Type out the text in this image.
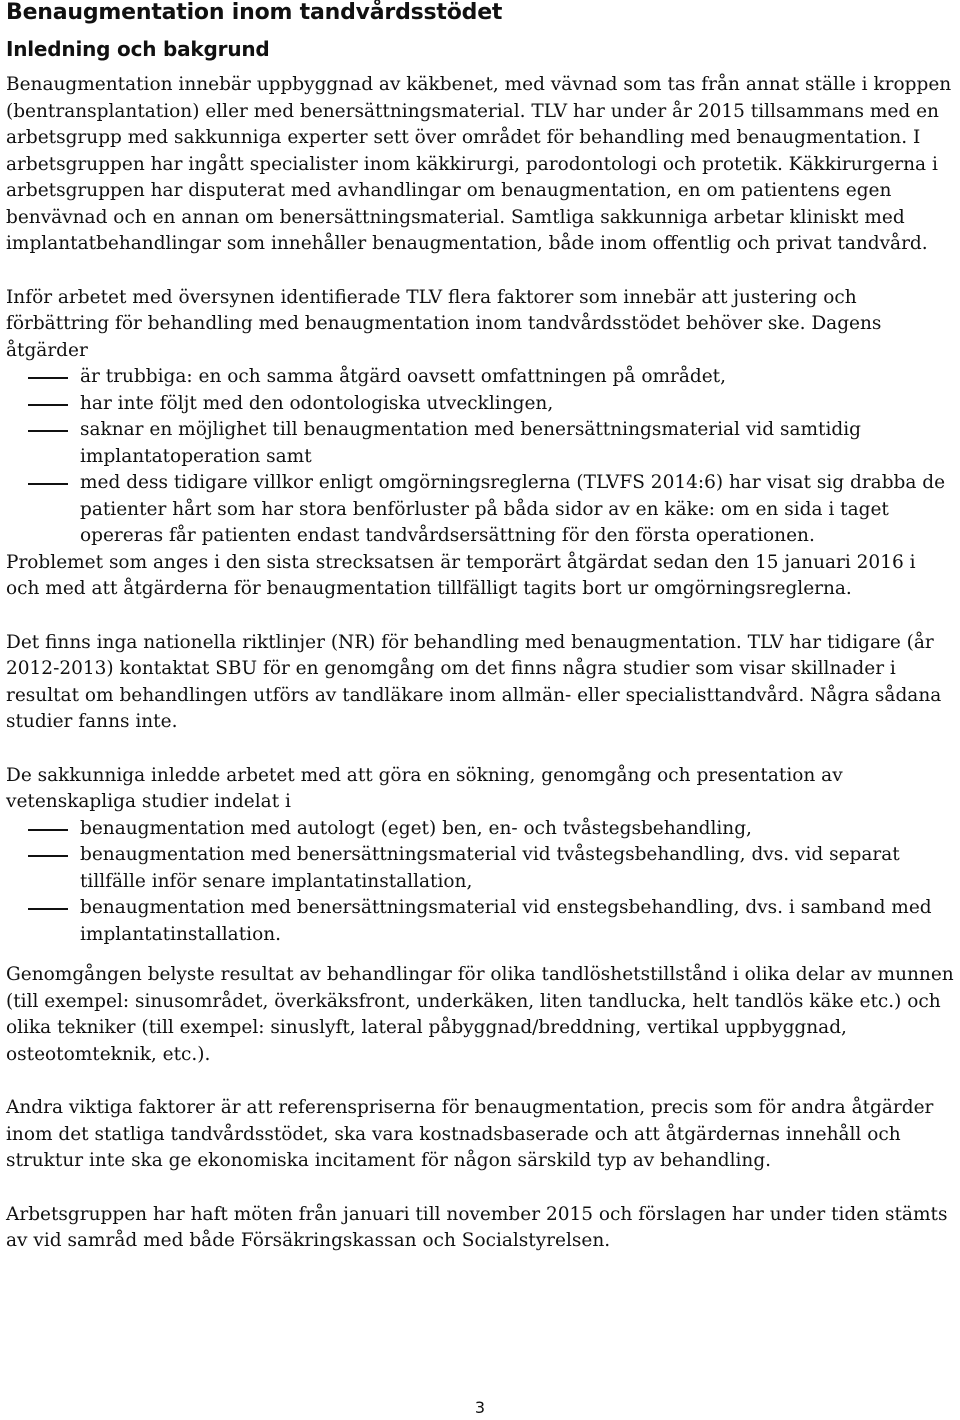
Benaugmentation inom tandvårdsstödet
Inledning och bakgrund

Benaugmentation innebär uppbyggnad av käkbenet, med vävnad som tas från annat ställe i kroppen (bentransplantation) eller med benersättningsmaterial. TLV har under år 2015 tillsammans med en arbetsgrupp med sakkunniga experter sett över området för behandling med benaugmentation. I arbetsgruppen har ingått specialister inom käkkirurgi, parodontologi och protetik. Käkkirurgerna i arbetsgruppen har disputerat med avhandlingar om benaugmentation, en om patientens egen benvävnad och en annan om benersättningsmaterial. Samtliga sakkunniga arbetar kliniskt med implantatbehandlingar som innehåller benaugmentation, både inom offentlig och privat tandvård.

Inför arbetet med översynen identifierade TLV flera faktorer som innebär att justering och förbättring för behandling med benaugmentation inom tandvårdsstödet behöver ske. Dagens åtgärder

är trubbiga: en och samma åtgärd oavsett omfattningen på området,
har inte följt med den odontologiska utvecklingen,
saknar en möjlighet till benaugmentation med benersättningsmaterial vid samtidig implantatoperation samt
med dess tidigare villkor enligt omgörningsreglerna (TLVFS 2014:6) har visat sig drabba de patienter hårt som har stora benförluster på båda sidor av en käke: om en sida i taget opereras får patienten endast tandvårdsersättning för den första operationen.

Problemet som anges i den sista strecksatsen är temporärt åtgärdat sedan den 15 januari 2016 i och med att åtgärderna för benaugmentation tillfälligt tagits bort ur omgörningsreglerna.

Det finns inga nationella riktlinjer (NR) för behandling med benaugmentation. TLV har tidigare (år 2012-2013) kontaktat SBU för en genomgång om det finns några studier som visar skillnader i resultat om behandlingen utförs av tandläkare inom allmän- eller specialisttandvård. Några sådana studier fanns inte.

De sakkunniga inledde arbetet med att göra en sökning, genomgång och presentation av vetenskapliga studier indelat i

benaugmentation med autologt (eget) ben, en- och tvåstegsbehandling,
benaugmentation med benersättningsmaterial vid tvåstegsbehandling, dvs. vid separat tillfälle inför senare implantatinstallation,
benaugmentation med benersättningsmaterial vid enstegsbehandling, dvs. i samband med implantatinstallation.

Genomgången belyste resultat av behandlingar för olika tandlöshetstillstånd i olika delar av munnen (till exempel: sinusområdet, överkäksfront, underkäken, liten tandlucka, helt tandlös käke etc.) och olika tekniker (till exempel: sinuslyft, lateral påbyggnad/breddning, vertikal uppbyggnad, osteotomteknik, etc.).

Andra viktiga faktorer är att referenspriserna för benaugmentation, precis som för andra åtgärder inom det statliga tandvårdsstödet, ska vara kostnadsbaserade och att åtgärdernas innehåll och struktur inte ska ge ekonomiska incitament för någon särskild typ av behandling.

Arbetsgruppen har haft möten från januari till november 2015 och förslagen har under tiden stämts av vid samråd med både Försäkringskassan och Socialstyrelsen.

3
